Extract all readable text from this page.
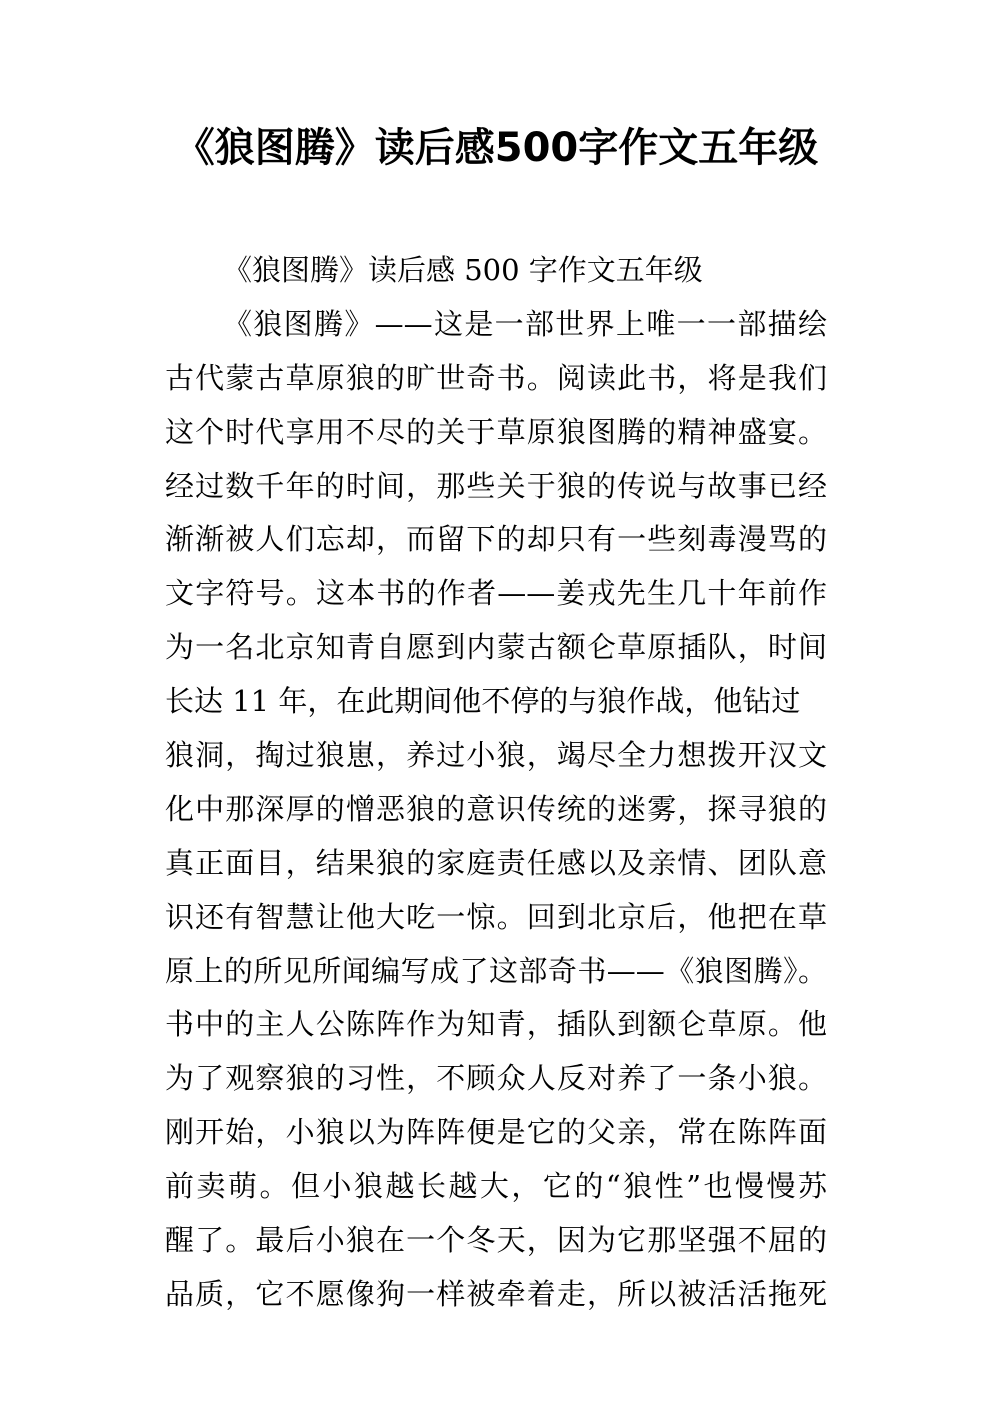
《狼图腾》读后感500字作文五年级
《狼图腾》读后感 500 字作文五年级
《狼图腾》——这是一部世界上唯一一部描绘
古代蒙古草原狼的旷世奇书。阅读此书，将是我们
这个时代享用不尽的关于草原狼图腾的精神盛宴。
经过数千年的时间，那些关于狼的传说与故事已经
渐渐被人们忘却，而留下的却只有一些刻毒漫骂的
文字符号。这本书的作者——姜戎先生几十年前作
为一名北京知青自愿到内蒙古额仑草原插队，时间
长达 11 年，在此期间他不停的与狼作战，他钻过
狼洞，掏过狼崽，养过小狼，竭尽全力想拨开汉文
化中那深厚的憎恶狼的意识传统的迷雾，探寻狼的
真正面目，结果狼的家庭责任感以及亲情、团队意
识还有智慧让他大吃一惊。回到北京后，他把在草
原上的所见所闻编写成了这部奇书——《狼图腾》。
书中的主人公陈阵作为知青，插队到额仑草原。他
为了观察狼的习性，不顾众人反对养了一条小狼。
刚开始，小狼以为阵阵便是它的父亲，常在陈阵面
前卖萌。但小狼越长越大，它的“狼性”也慢慢苏
醒了。最后小狼在一个冬天，因为它那坚强不屈的
品质，它不愿像狗一样被牵着走，所以被活活拖死
